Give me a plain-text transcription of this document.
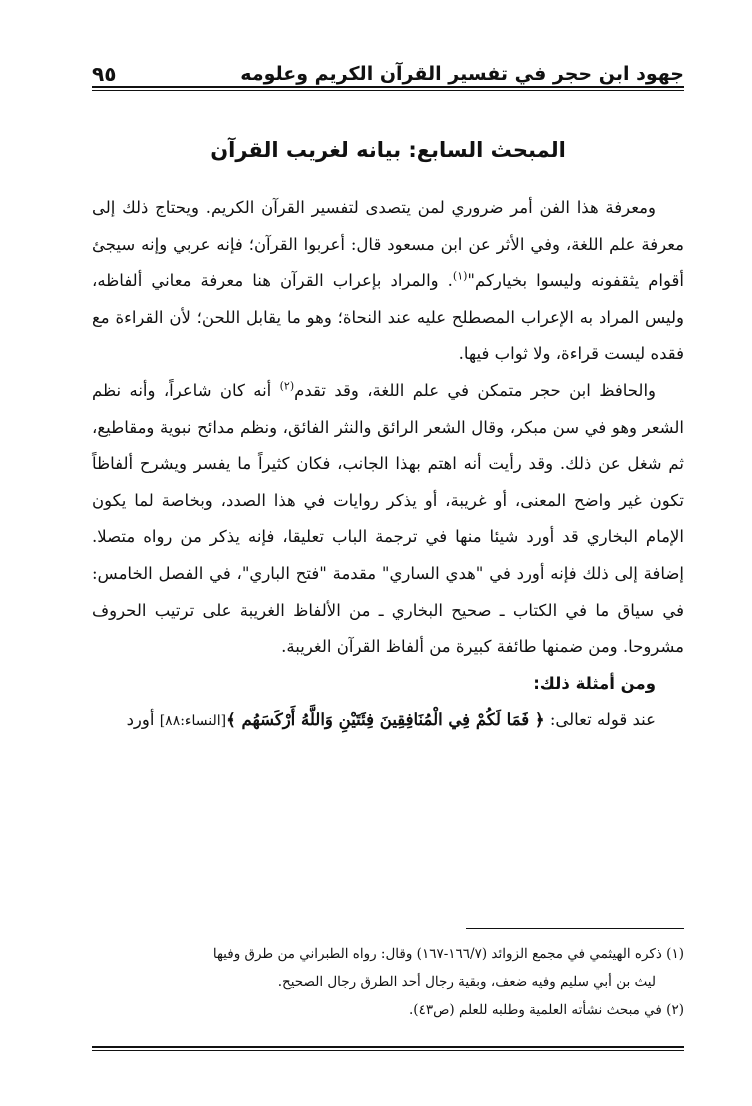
جهود ابن حجر في تفسير القرآن الكريم وعلومه
٩٥
المبحث السابع: بيانه لغريب القرآن

ومعرفة هذا الفن أمر ضروري لمن يتصدى لتفسير القرآن الكريم. ويحتاج ذلك إلى معرفة علم اللغة، وفي الأثر عن ابن مسعود قال: أعربوا القرآن؛ فإنه عربي وإنه سيجئ أقوام يثقفونه وليسوا بخياركم"$^{(١)}$. والمراد بإعراب القرآن هنا معرفة معاني ألفاظه، وليس المراد به الإعراب المصطلح عليه عند النحاة؛ وهو ما يقابل اللحن؛ لأن القراءة مع فقده ليست قراءة، ولا ثواب فيها.

والحافظ ابن حجر متمكن في علم اللغة، وقد تقدم$^{(٢)}$ أنه كان شاعراً، وأنه نظم الشعر وهو في سن مبكر، وقال الشعر الرائق والنثر الفائق، ونظم مدائح نبوية ومقاطيع، ثم شغل عن ذلك. وقد رأيت أنه اهتم بهذا الجانب، فكان كثيراً ما يفسر ويشرح ألفاظاً تكون غير واضح المعنى، أو غريبة، أو يذكر روايات في هذا الصدد، وبخاصة لما يكون الإمام البخاري قد أورد شيئا منها في ترجمة الباب تعليقا، فإنه يذكر من رواه متصلا. إضافة إلى ذلك فإنه أورد في "هدي الساري" مقدمة "فتح الباري"، في الفصل الخامس: في سياق ما في الكتاب ـ صحيح البخاري ـ من الألفاظ الغريبة على ترتيب الحروف مشروحا. ومن ضمنها طائفة كبيرة من ألفاظ القرآن الغريبة.

ومن أمثلة ذلك:

عند قوله تعالى: ﴿ فَمَا لَكُمْ فِي الْمُنَافِقِينَ فِئَتَيْنِ وَاللَّهُ أَرْكَسَهُم ﴾[النساء:٨٨] أورد

(١) ذكره الهيثمي في مجمع الزوائد (١٦٦/٧-١٦٧) وقال: رواه الطبراني من طرق وفيها

ليث بن أبي سليم وفيه ضعف، وبقية رجال أحد الطرق رجال الصحيح.

(٢) في مبحث نشأته العلمية وطلبه للعلم (ص٤٣).
